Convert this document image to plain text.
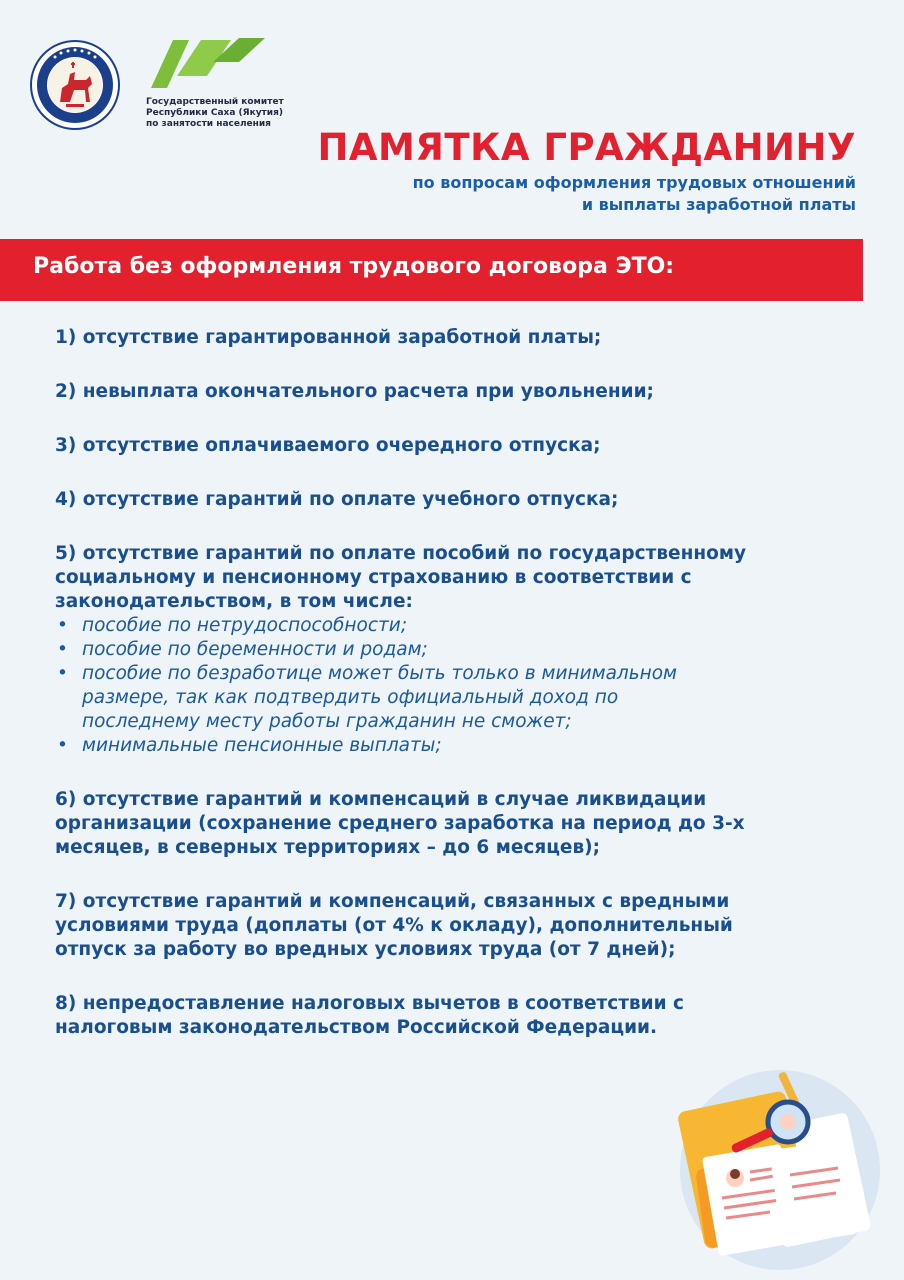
Государственный комитет
Республики Саха (Якутия)
по занятости населения
ПАМЯТКА ГРАЖДАНИНУ
по вопросам оформления трудовых отношений
и выплаты заработной платы
Работа без оформления трудового договора ЭТО:
1) отсутствие гарантированной заработной платы;
2) невыплата окончательного расчета при увольнении;
3) отсутствие оплачиваемого очередного отпуска;
4) отсутствие гарантий по оплате учебного отпуска;
5) отсутствие гарантий по оплате пособий по государственному
социальному и пенсионному страхованию в соответствии с
законодательством, в том числе:
• пособие по нетрудоспособности;
• пособие по беременности и родам;
• пособие по безработице может быть только в минимальном
размере, так как подтвердить официальный доход по
последнему месту работы гражданин не сможет;
• минимальные пенсионные выплаты;
6) отсутствие гарантий и компенсаций в случае ликвидации
организации (сохранение среднего заработка на период до 3-х
месяцев, в северных территориях – до 6 месяцев);
7) отсутствие гарантий и компенсаций, связанных с вредными
условиями труда (доплаты (от 4% к окладу), дополнительный
отпуск за работу во вредных условиях труда (от 7 дней);
8) непредоставление налоговых вычетов в соответствии с
налоговым законодательством Российской Федерации.
